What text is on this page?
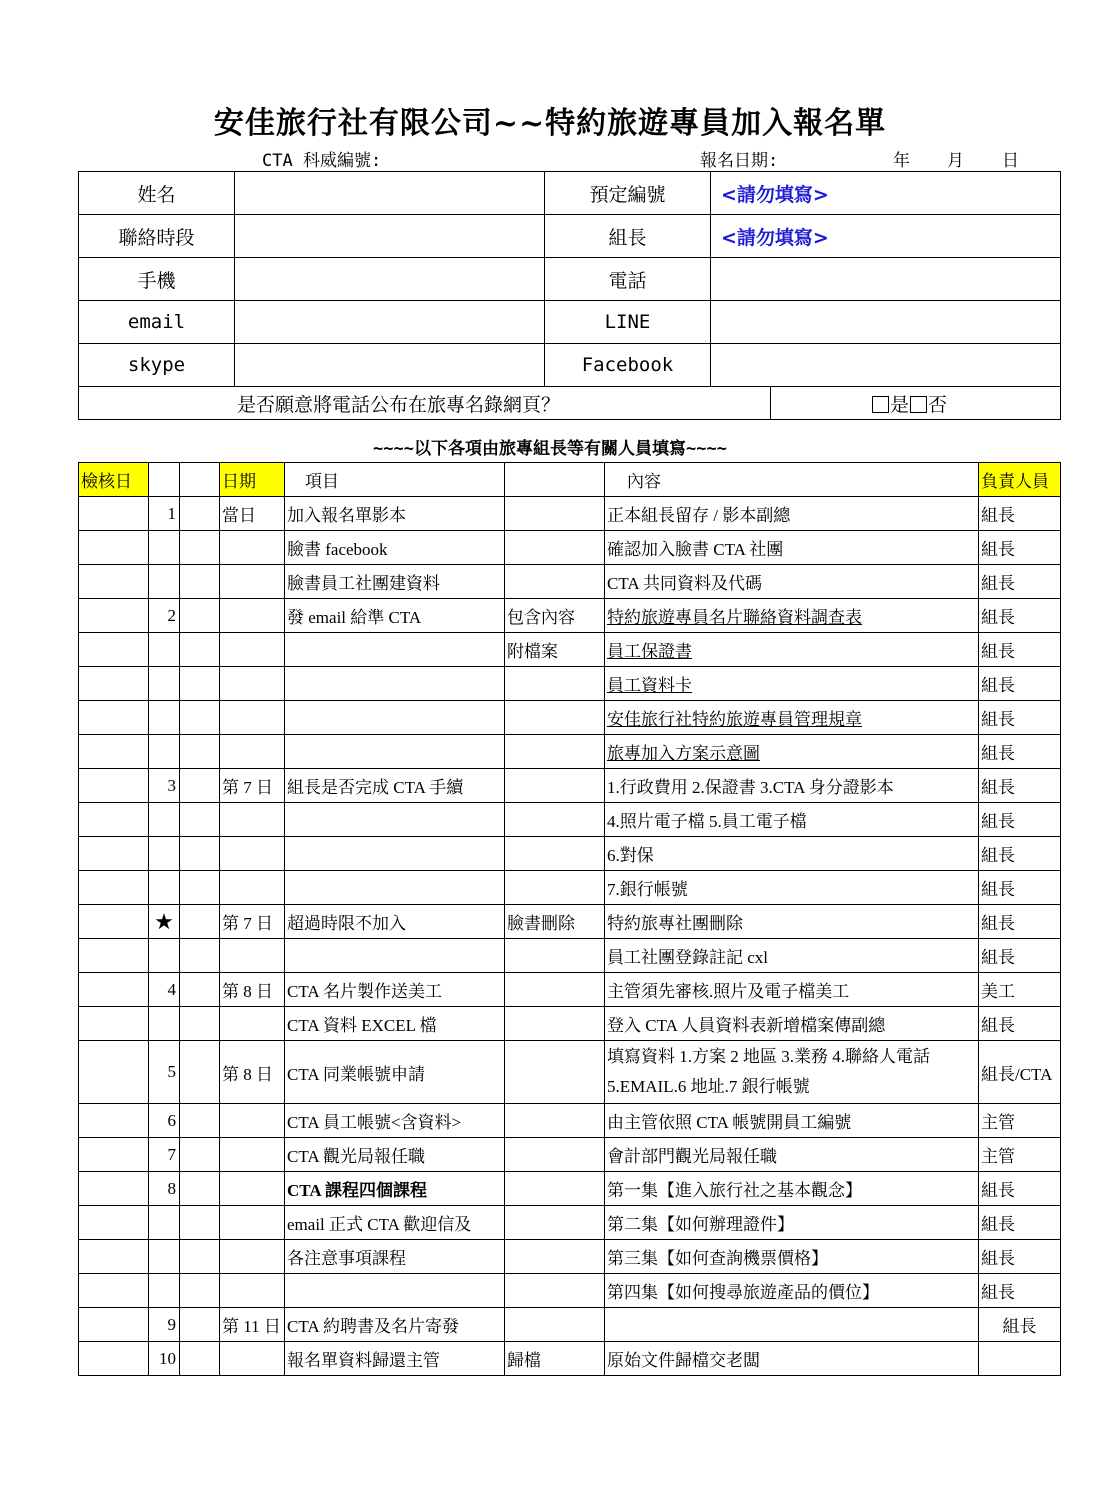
安佳旅行社有限公司~~特約旅遊專員加入報名單
CTA 科威編號:	報名日期:	年 月 日
姓名		預定編號	<請勿填寫>	
聯絡時段		組長	<請勿填寫>	
手機		電話		
email		LINE		
skype		Facebook		
是否願意將電話公布在旅專名錄網頁？				是 否
~~~~以下各項由旅專組長等有關人員填寫~~~~
檢核日			日期	項目		內容	負責人員
	1		當日	加入報名單影本		正本組長留存 / 影本副總	組長
				臉書 facebook		確認加入臉書 CTA 社團	組長
				臉書員工社團建資料		CTA 共同資料及代碼	組長
	2			發 email 給準 CTA	包含內容	特約旅遊專員名片聯絡資料調查表	組長
					附檔案	員工保證書	組長
						員工資料卡	組長
						安佳旅行社特約旅遊專員管理規章	組長
						旅專加入方案示意圖	組長
	3		第 7 日	組長是否完成 CTA 手續		1.行政費用 2.保證書 3.CTA 身分證影本	組長
						4.照片電子檔 5.員工電子檔	組長
						6.對保	組長
						7.銀行帳號	組長
	★		第 7 日	超過時限不加入	臉書刪除	特約旅專社團刪除	組長
						員工社團登錄註記 cxl	組長
	4		第 8 日	CTA 名片製作送美工		主管須先審核.照片及電子檔美工	美工
				CTA 資料 EXCEL 檔		登入 CTA 人員資料表新增檔案傳副總	組長
	5		第 8 日	CTA 同業帳號申請		填寫資料 1.方案 2 地區 3.業務 4.聯絡人電話
5.EMAIL.6 地址.7 銀行帳號	組長/CTA
	6			CTA 員工帳號<含資料>		由主管依照 CTA 帳號開員工編號	主管
	7			CTA 觀光局報任職		會計部門觀光局報任職	主管
	8			CTA 課程四個課程		第一集【進入旅行社之基本觀念】	組長
				email 正式 CTA 歡迎信及		第二集【如何辦理證件】	組長
				各注意事項課程		第三集【如何查詢機票價格】	組長
						第四集【如何搜尋旅遊產品的價位】	組長
	9		第 11 日	CTA 約聘書及名片寄發			組長
	10			報名單資料歸還主管	歸檔	原始文件歸檔交老闆	
